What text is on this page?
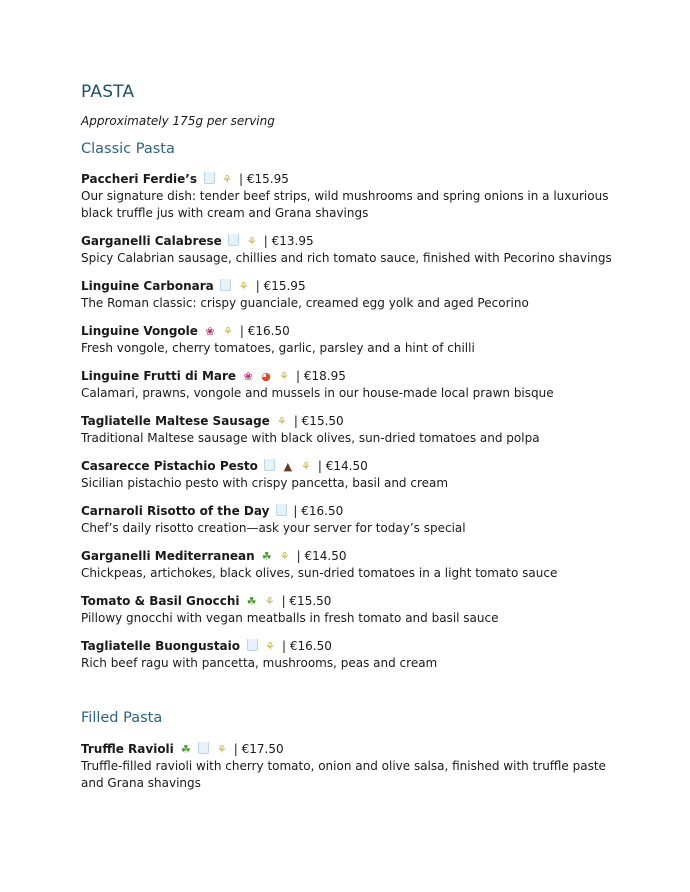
PASTA
Approximately 175g per serving
Classic Pasta
Paccheri Ferdie’s ⚘ | €15.95
Our signature dish: tender beef strips, wild mushrooms and spring onions in a luxurious black truffle jus with cream and Grana shavings
Garganelli Calabrese ⚘ | €13.95
Spicy Calabrian sausage, chillies and rich tomato sauce, finished with Pecorino shavings
Linguine Carbonara ⚘ | €15.95
The Roman classic: crispy guanciale, creamed egg yolk and aged Pecorino
Linguine Vongole ❀ ⚘ | €16.50
Fresh vongole, cherry tomatoes, garlic, parsley and a hint of chilli
Linguine Frutti di Mare ❀ ◕ ⚘ | €18.95
Calamari, prawns, vongole and mussels in our house-made local prawn bisque
Tagliatelle Maltese Sausage ⚘ | €15.50
Traditional Maltese sausage with black olives, sun-dried tomatoes and polpa
Casarecce Pistachio Pesto ▲ ⚘ | €14.50
Sicilian pistachio pesto with crispy pancetta, basil and cream
Carnaroli Risotto of the Day | €16.50
Chef’s daily risotto creation—ask your server for today’s special
Garganelli Mediterranean ☘ ⚘ | €14.50
Chickpeas, artichokes, black olives, sun-dried tomatoes in a light tomato sauce
Tomato & Basil Gnocchi ☘ ⚘ | €15.50
Pillowy gnocchi with vegan meatballs in fresh tomato and basil sauce
Tagliatelle Buongustaio ⚘ | €16.50
Rich beef ragu with pancetta, mushrooms, peas and cream
Filled Pasta
Truffle Ravioli ☘ ⚘ | €17.50
Truffle-filled ravioli with cherry tomato, onion and olive salsa, finished with truffle paste and Grana shavings
